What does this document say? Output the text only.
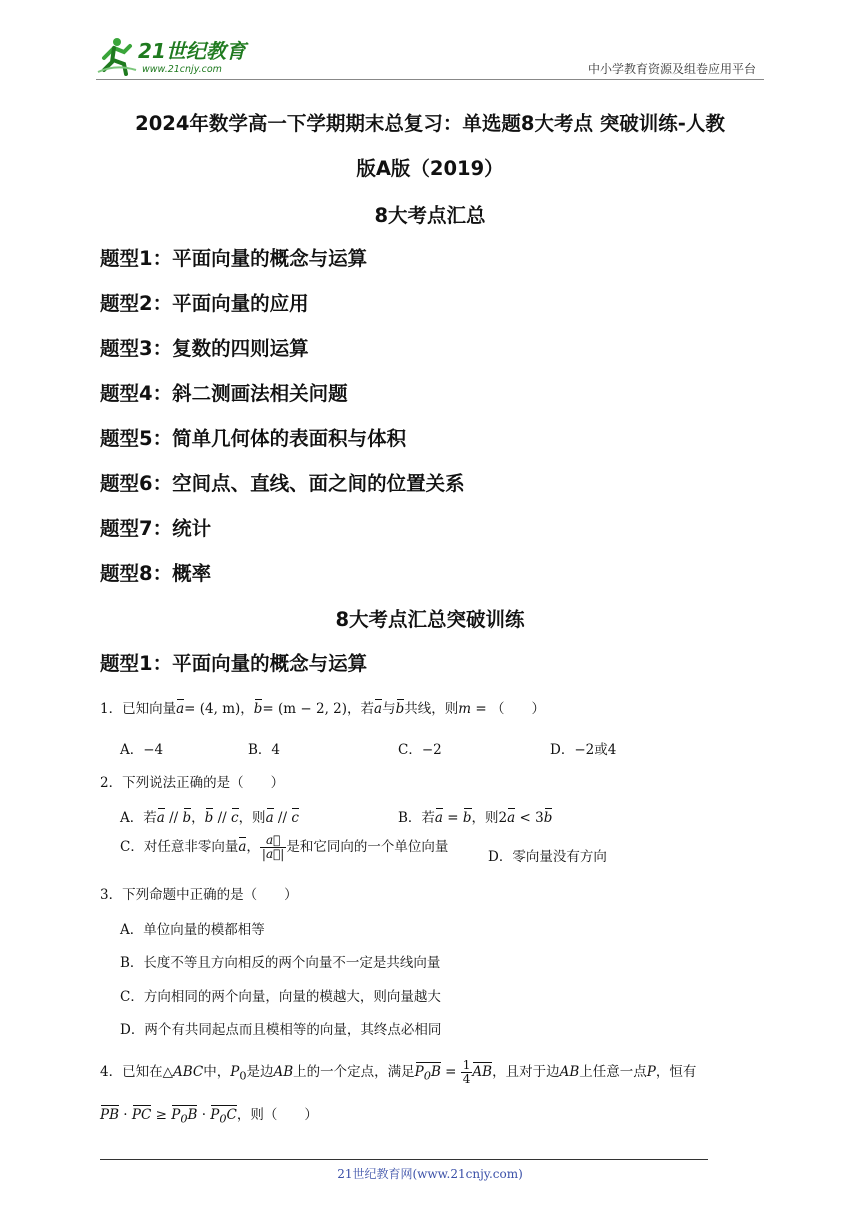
21世纪教育
www.21cnjy.com	中小学教育资源及组卷应用平台
2024年数学高一下学期期末总复习：单选题8大考点 突破训练-人教
版A版（2019）
8大考点汇总
题型1：平面向量的概念与运算
题型2：平面向量的应用
题型3：复数的四则运算
题型4：斜二测画法相关问题
题型5：简单几何体的表面积与体积
题型6：空间点、直线、面之间的位置关系
题型7：统计
题型8：概率
8大考点汇总突破训练
题型1：平面向量的概念与运算
1．已知向量a= (4, m)，b= (m − 2, 2)，若a与b共线，则m = （　　）
A．−4	B．4	C．−2	D．−2或4
2．下列说法正确的是（　　）
A．若a // b，b // c，则a // c	B．若a = b，则2a < 3b
C．对任意非零向量a， $\frac{a⃗}{|a⃗|}$ 是和它同向的一个单位向量
D．零向量没有方向
3．下列命题中正确的是（　　）
A．单位向量的模都相等
B．长度不等且方向相反的两个向量不一定是共线向量
C．方向相同的两个向量，向量的模越大，则向量越大
D．两个有共同起点而且模相等的向量，其终点必相同
4．已知在△ABC中，$P_0$是边AB上的一个定点，满足$P_0B = \frac{1}{4}$ AB，且对于边AB上任意一点P，恒有
PB · PC ≥ $P_0B \cdot P_0C$，则（　　）
21世纪教育网(www.21cnjy.com)
